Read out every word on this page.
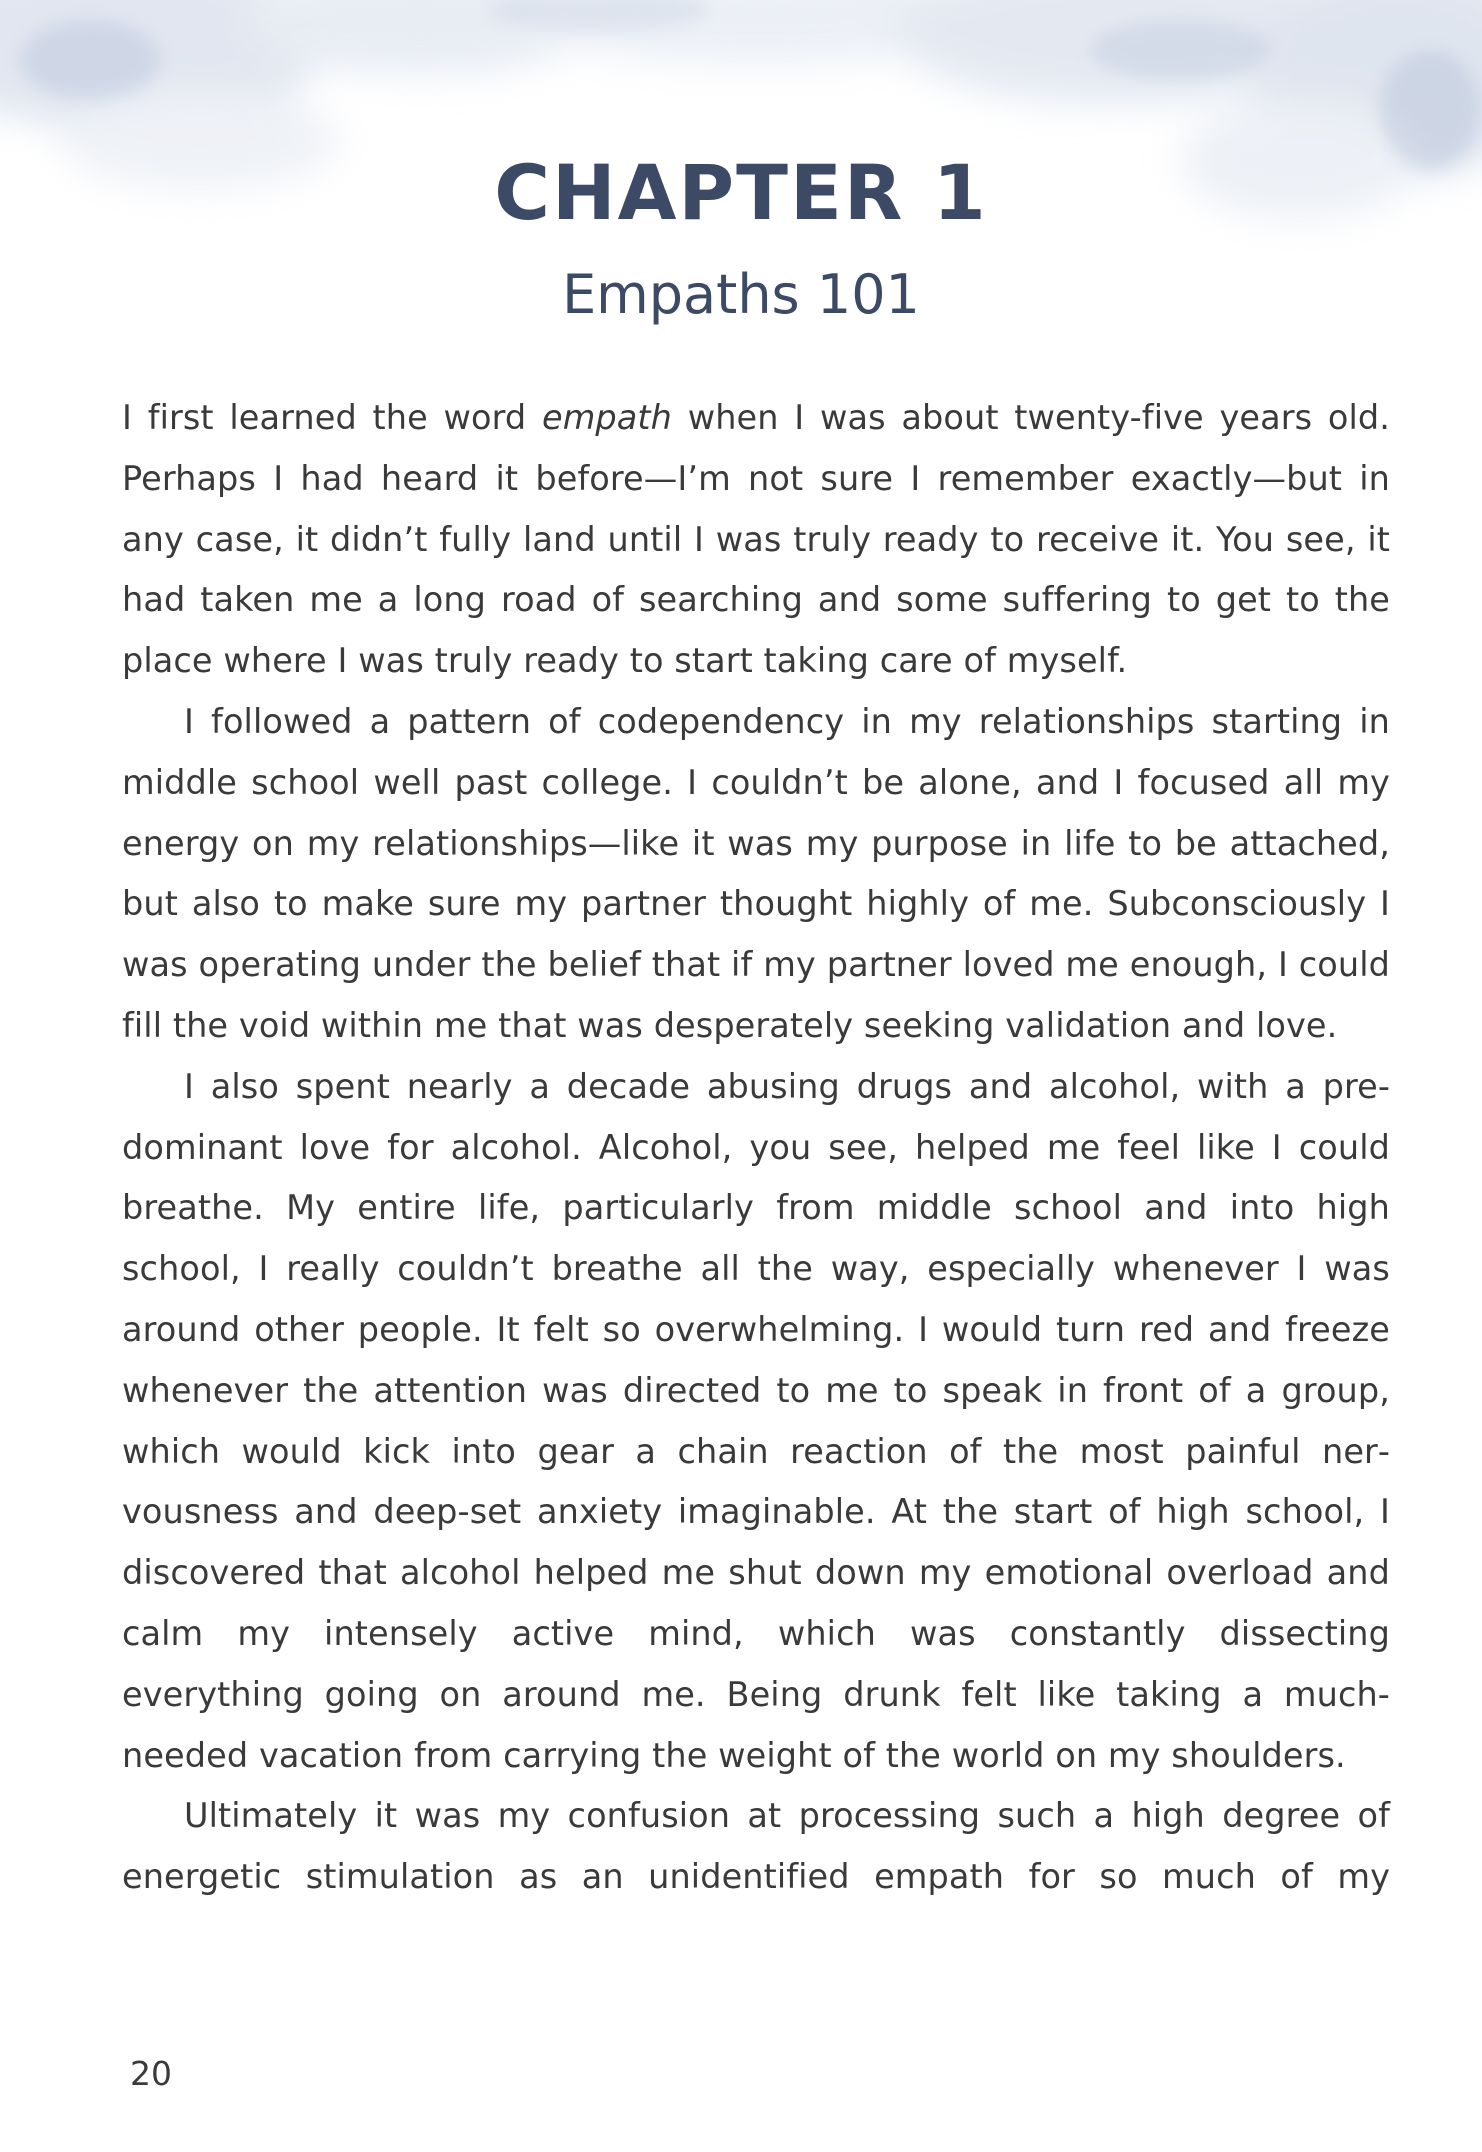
CHAPTER 1
Empaths 101

I first learned the word empath when I was about twenty-five years old. Perhaps I had heard it before—I’m not sure I remember exactly—but in any case, it didn’t fully land until I was truly ready to receive it. You see, it had taken me a long road of searching and some suffering to get to the place where I was truly ready to start taking care of myself.

I followed a pattern of codependency in my relationships starting in middle school well past college. I couldn’t be alone, and I focused all my energy on my relationships—like it was my purpose in life to be attached, but also to make sure my partner thought highly of me. Subconsciously I was operating under the belief that if my partner loved me enough, I could fill the void within me that was desperately seeking validation and love.

I also spent nearly a decade abusing drugs and alcohol, with a predominant love for alcohol. Alcohol, you see, helped me feel like I could breathe. My entire life, particularly from middle school and into high school, I really couldn’t breathe all the way, especially whenever I was around other people. It felt so overwhelming. I would turn red and freeze whenever the attention was directed to me to speak in front of a group, which would kick into gear a chain reaction of the most painful nervousness and deep-set anxiety imaginable. At the start of high school, I discovered that alcohol helped me shut down my emotional overload and calm my intensely active mind, which was constantly dissecting everything going on around me. Being drunk felt like taking a much-needed vacation from carrying the weight of the world on my shoulders.

Ultimately it was my confusion at processing such a high degree of energetic stimulation as an unidentified empath for so much of my

20
